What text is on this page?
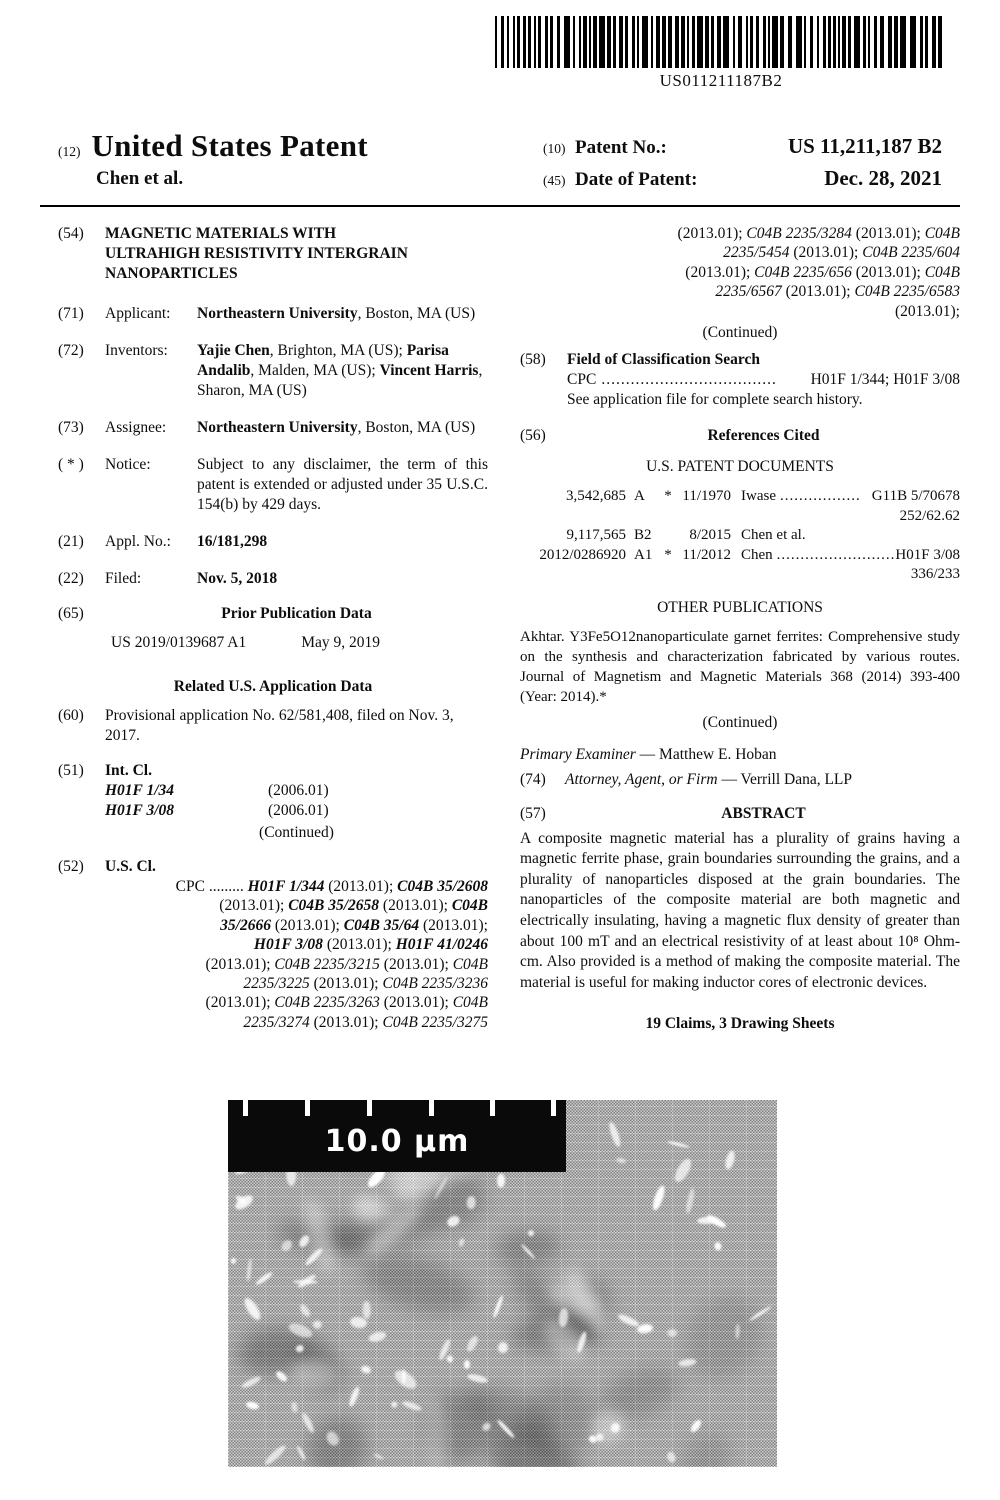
US011211187B2
(12) United States Patent
Chen et al.
(10) Patent No.:	US 11,211,187 B2
(45) Date of Patent:	Dec. 28, 2021
(54)	MAGNETIC MATERIALS WITH
ULTRAHIGH RESISTIVITY INTERGRAIN
NANOPARTICLES
(71)	Applicant:	Northeastern University, Boston, MA (US)
(72)	Inventors:	Yajie Chen, Brighton, MA (US); Parisa Andalib, Malden, MA (US); Vincent Harris, Sharon, MA (US)
(73)	Assignee:	Northeastern University, Boston, MA (US)
( * )	Notice:	Subject to any disclaimer, the term of this patent is extended or adjusted under 35 U.S.C. 154(b) by 429 days.
(21)	Appl. No.:	16/181,298
(22)	Filed:	Nov. 5, 2018
(65)	Prior Publication Data
US 2019/0139687 A1	May 9, 2019
Related U.S. Application Data
(60)	Provisional application No. 62/581,408, filed on Nov. 3, 2017.
(51)	Int. Cl.
H01F 1/34	(2006.01)
H01F 3/08	(2006.01)
(Continued)
(52)	U.S. Cl.
CPC ......... H01F 1/344 (2013.01); C04B 35/2608
(2013.01); C04B 35/2658 (2013.01); C04B
35/2666 (2013.01); C04B 35/64 (2013.01);
H01F 3/08 (2013.01); H01F 41/0246
(2013.01); C04B 2235/3215 (2013.01); C04B
2235/3225 (2013.01); C04B 2235/3236
(2013.01); C04B 2235/3263 (2013.01); C04B
2235/3274 (2013.01); C04B 2235/3275
(2013.01); C04B 2235/3284 (2013.01); C04B
2235/5454 (2013.01); C04B 2235/604
(2013.01); C04B 2235/656 (2013.01); C04B
2235/6567 (2013.01); C04B 2235/6583
(2013.01);
(Continued)
(58)	Field of Classification Search
CPC ....................................	H01F 1/344; H01F 3/08
See application file for complete search history.
(56)	References Cited
U.S. PATENT DOCUMENTS
3,542,685 A	* 11/1970 Iwase ................. G11B 5/70678
252/62.62
9,117,565 B2	8/2015 Chen et al.
2012/0286920 A1 * 11/2012 Chen ......................... H01F 3/08
336/233
OTHER PUBLICATIONS
Akhtar. Y3Fe5O12nanoparticulate garnet ferrites: Comprehensive study on the synthesis and characterization fabricated by various routes. Journal of Magnetism and Magnetic Materials 368 (2014) 393-400 (Year: 2014).*
(Continued)
Primary Examiner — Matthew E. Hoban
(74)	Attorney, Agent, or Firm — Verrill Dana, LLP
(57)	ABSTRACT
A composite magnetic material has a plurality of grains having a magnetic ferrite phase, grain boundaries surrounding the grains, and a plurality of nanoparticles disposed at the grain boundaries. The nanoparticles of the composite material are both magnetic and electrically insulating, having a magnetic flux density of greater than about 100 mT and an electrical resistivity of at least about 10⁸ Ohm-cm. Also provided is a method of making the composite material. The material is useful for making inductor cores of electronic devices.
19 Claims, 3 Drawing Sheets
10.0 µm
